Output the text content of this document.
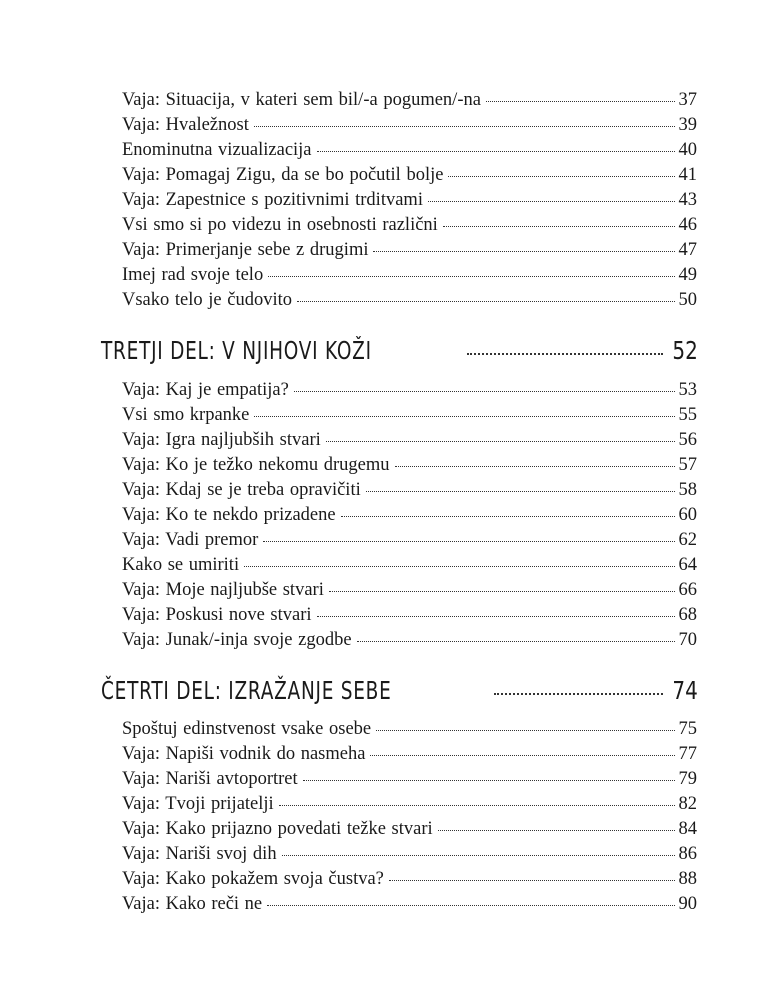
Vaja: Situacija, v kateri sem bil/-a pogumen/-na	37
Vaja: Hvaležnost	39
Enominutna vizualizacija	40
Vaja: Pomagaj Zigu, da se bo počutil bolje	41
Vaja: Zapestnice s pozitivnimi trditvami	43
Vsi smo si po videzu in osebnosti različni	46
Vaja: Primerjanje sebe z drugimi	47
Imej rad svoje telo	49
Vsako telo je čudovito	50
TRETJI DEL: V NJIHOVI KOŽI	52
Vaja: Kaj je empatija?	53
Vsi smo krpanke	55
Vaja: Igra najljubših stvari	56
Vaja: Ko je težko nekomu drugemu	57
Vaja: Kdaj se je treba opravičiti	58
Vaja: Ko te nekdo prizadene	60
Vaja: Vadi premor	62
Kako se umiriti	64
Vaja: Moje najljubše stvari	66
Vaja: Poskusi nove stvari	68
Vaja: Junak/-inja svoje zgodbe	70
ČETRTI DEL: IZRAŽANJE SEBE	74
Spoštuj edinstvenost vsake osebe	75
Vaja: Napiši vodnik do nasmeha	77
Vaja: Nariši avtoportret	79
Vaja: Tvoji prijatelji	82
Vaja: Kako prijazno povedati težke stvari	84
Vaja: Nariši svoj dih	86
Vaja: Kako pokažem svoja čustva?	88
Vaja: Kako reči ne	90
